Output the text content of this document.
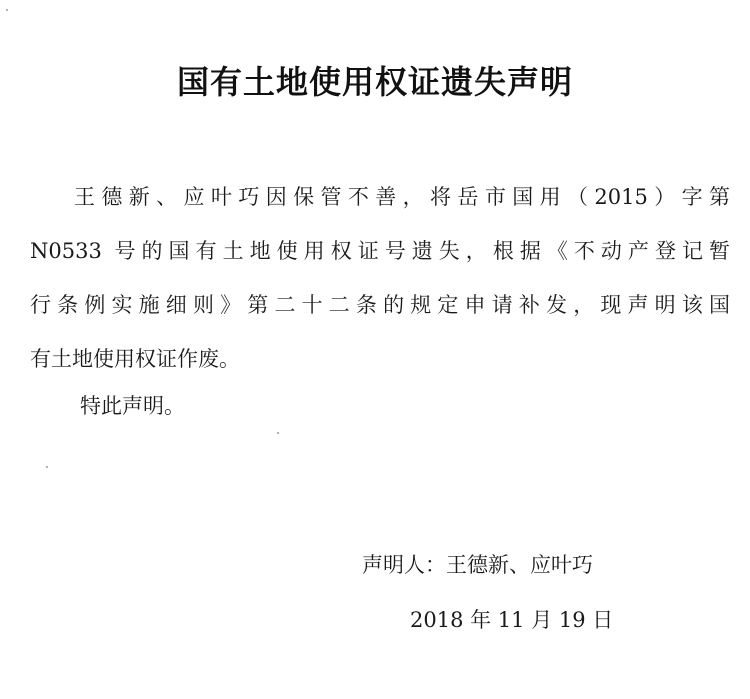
国有土地使用权证遗失声明
王德新、应叶巧因保管不善，将岳市国用（2015）字第
N0533 号的国有土地使用权证号遗失，根据《不动产登记暂
行条例实施细则》第二十二条的规定申请补发，现声明该国
有土地使用权证作废。
特此声明。
声明人：王德新、应叶巧
2018 年 11 月 19 日
